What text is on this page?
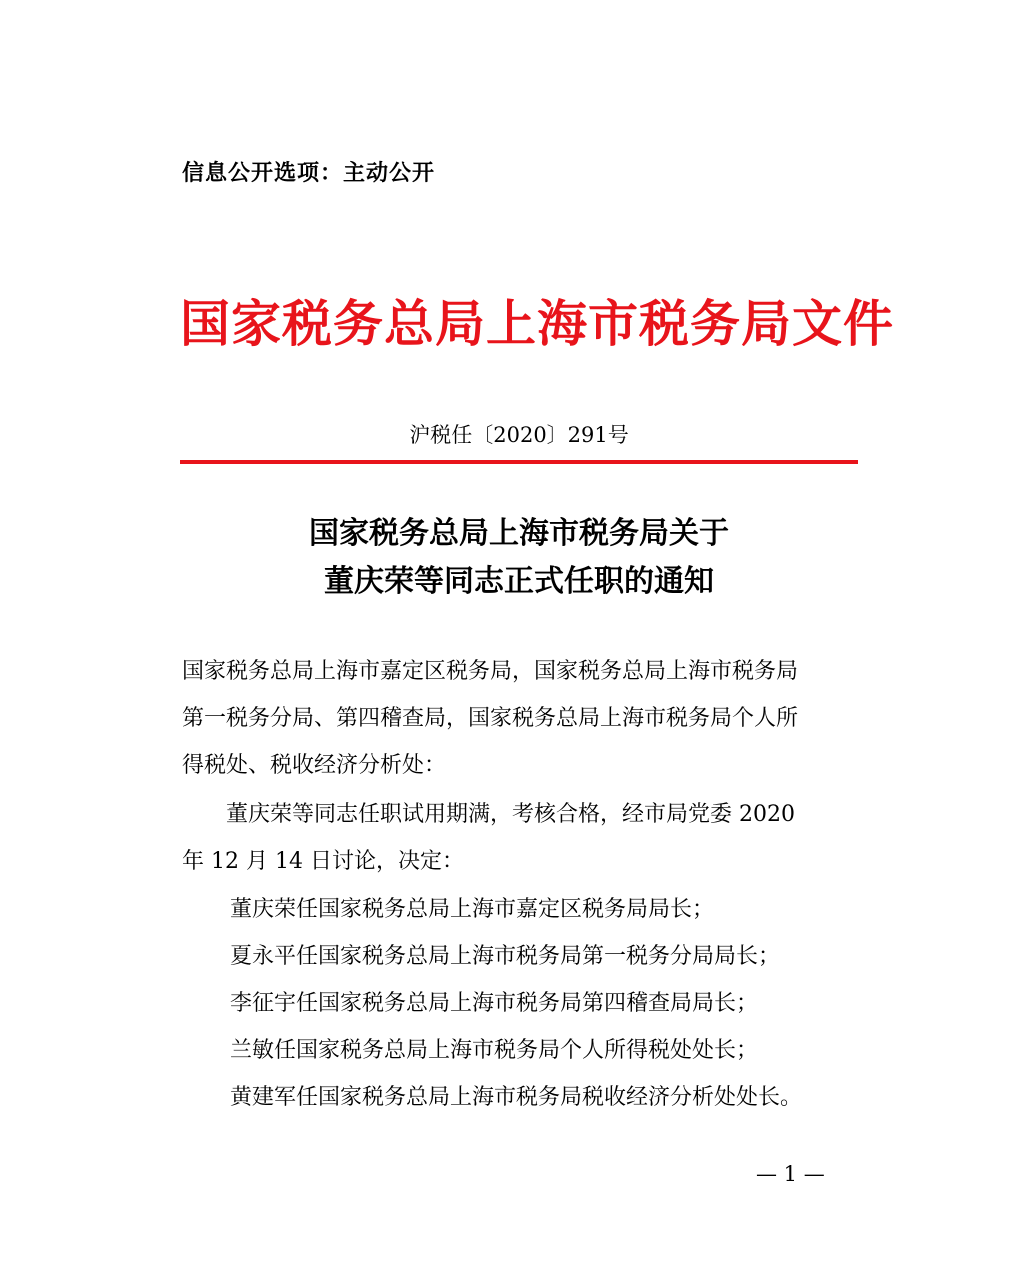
信息公开选项：主动公开
国家税务总局上海市税务局文件
沪税任〔2020〕291号
国家税务总局上海市税务局关于
董庆荣等同志正式任职的通知
国家税务总局上海市嘉定区税务局，国家税务总局上海市税务局
第一税务分局、第四稽查局，国家税务总局上海市税务局个人所
得税处、税收经济分析处：
董庆荣等同志任职试用期满，考核合格，经市局党委 2020
年 12 月 14 日讨论，决定：
董庆荣任国家税务总局上海市嘉定区税务局局长；
夏永平任国家税务总局上海市税务局第一税务分局局长；
李征宇任国家税务总局上海市税务局第四稽查局局长；
兰敏任国家税务总局上海市税务局个人所得税处处长；
黄建军任国家税务总局上海市税务局税收经济分析处处长。
— 1 —
